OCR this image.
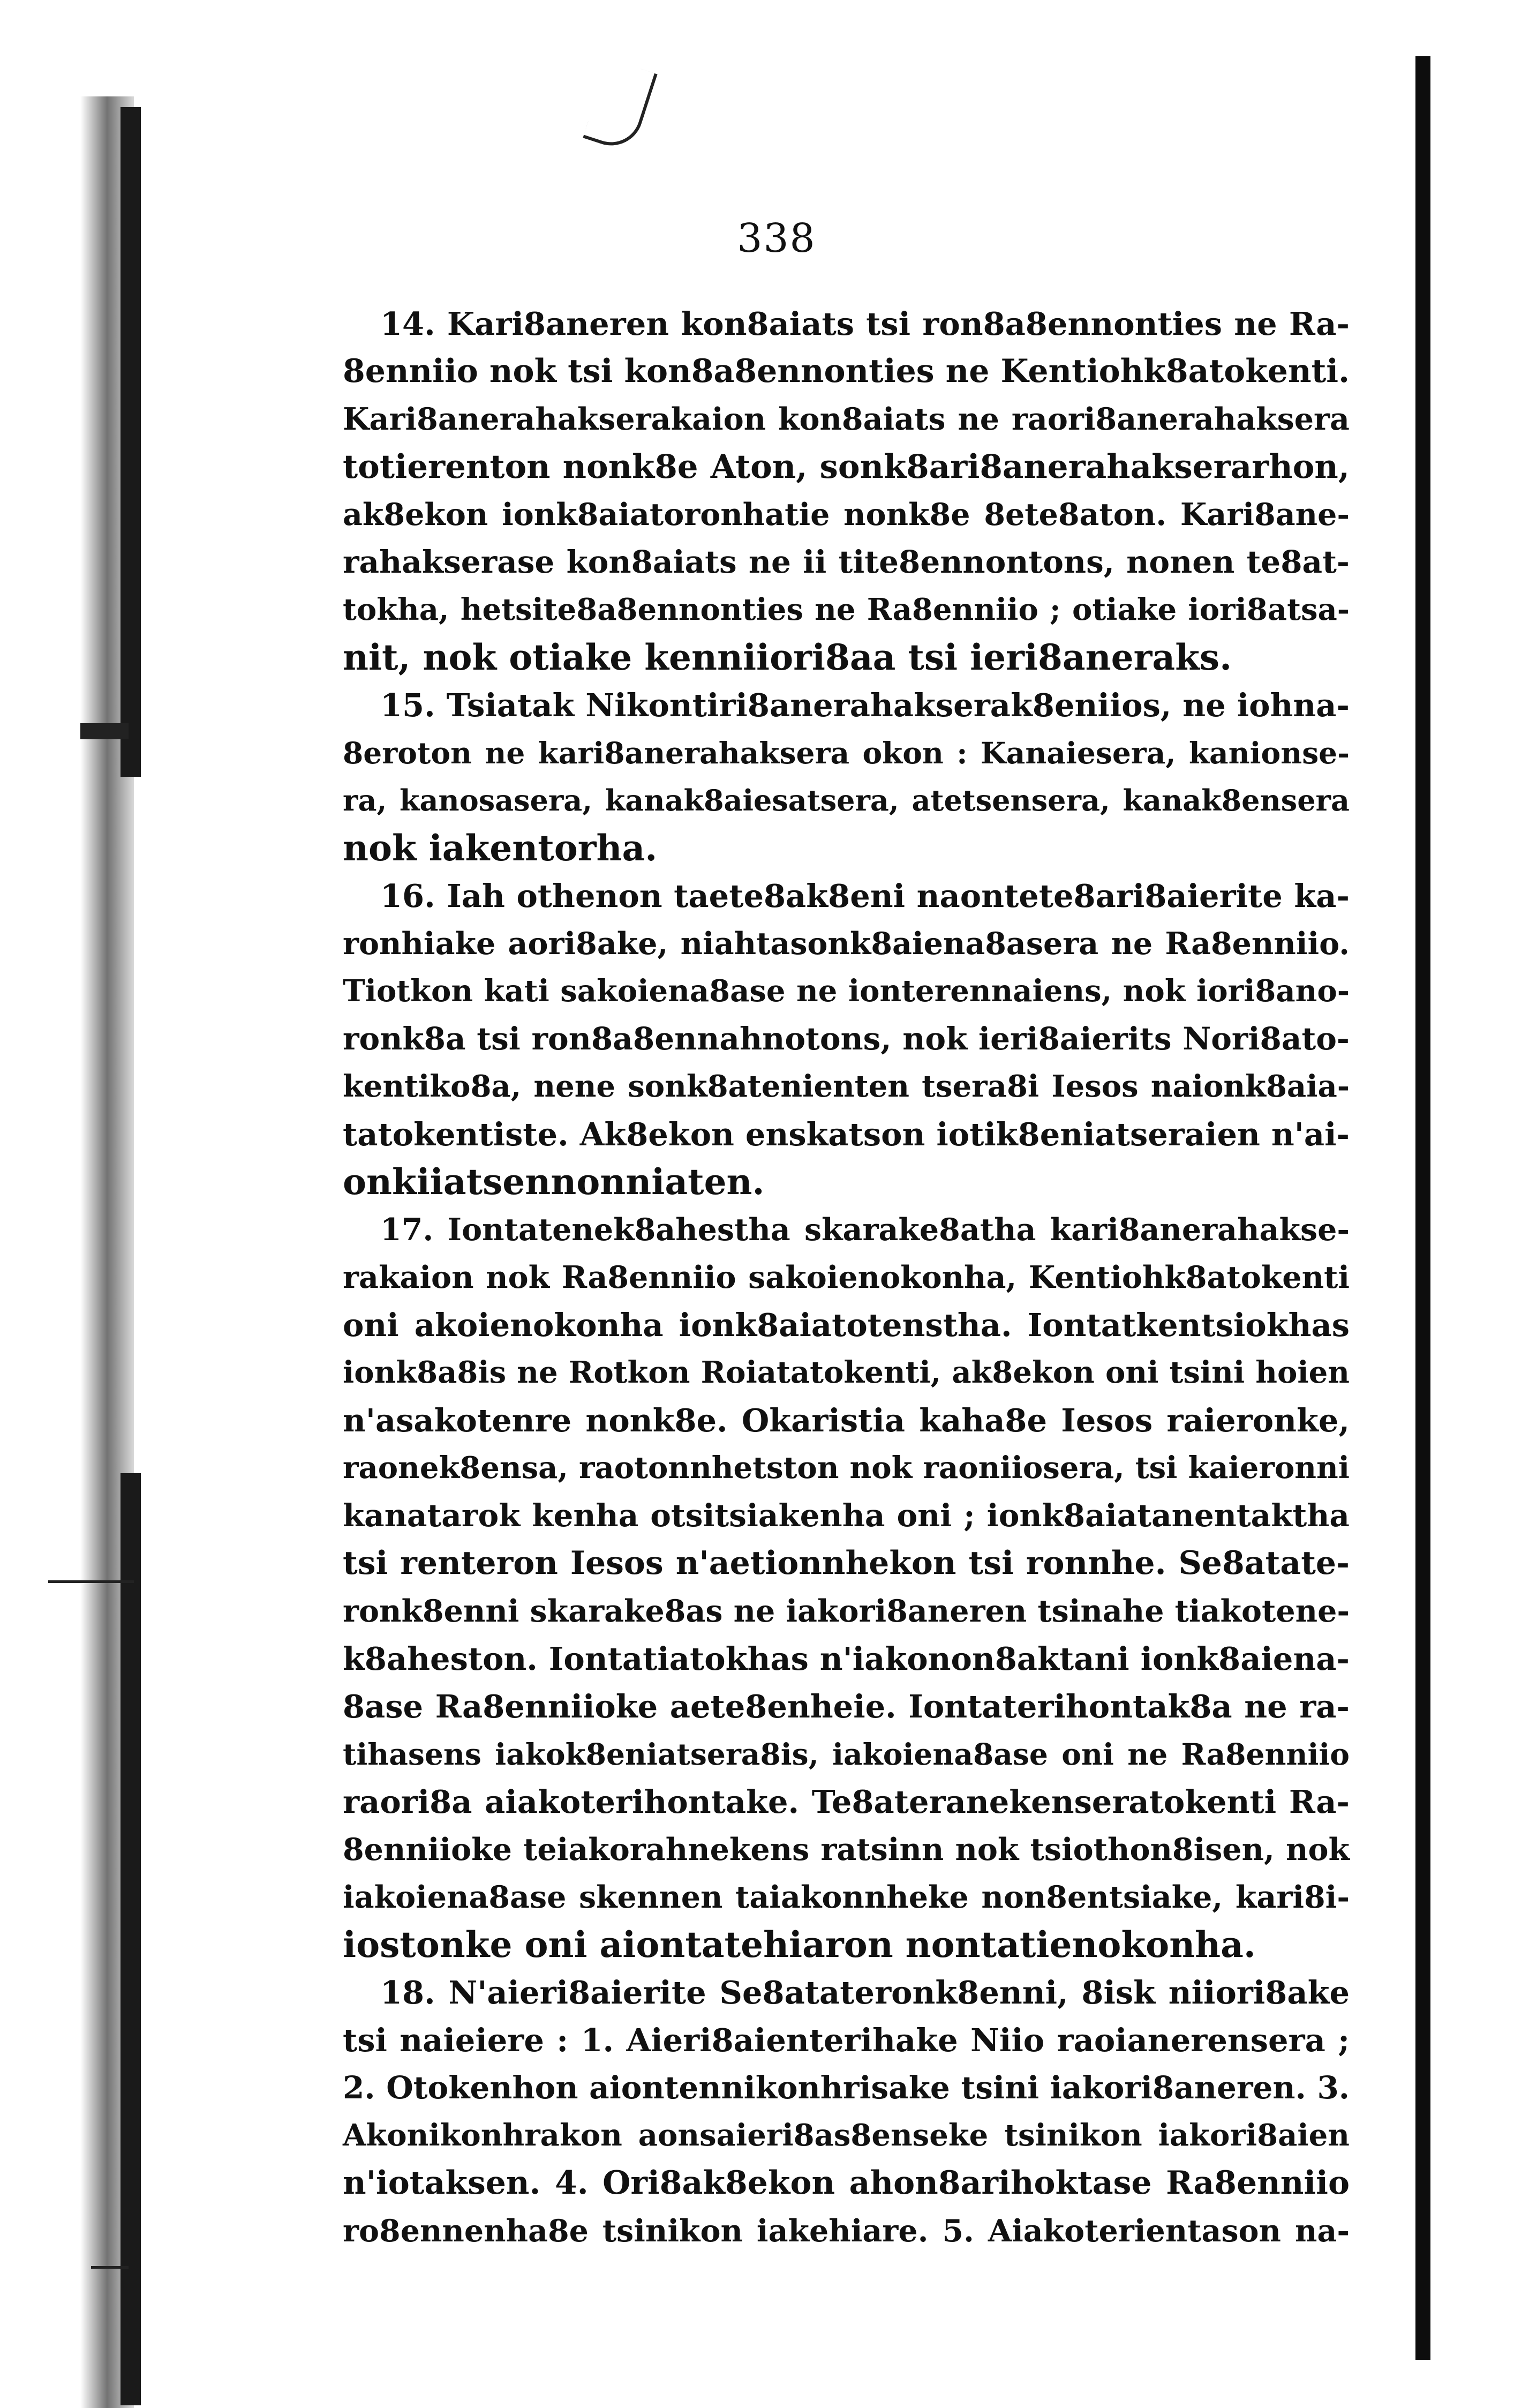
338
14. Kari8aneren kon8aiats tsi ron8a8ennonties ne Ra-
8enniio nok tsi kon8a8ennonties ne Kentiohk8atokenti.
Kari8anerahakserakaion kon8aiats ne raori8anerahaksera
totierenton nonk8e Aton, sonk8ari8anerahakserarhon,
ak8ekon ionk8aiatoronhatie nonk8e 8ete8aton. Kari8ane-
rahakserase kon8aiats ne ii tite8ennontons, nonen te8at-
tokha, hetsite8a8ennonties ne Ra8enniio ; otiake iori8atsa-
nit, nok otiake kenniiori8aa tsi ieri8aneraks.
15. Tsiatak Nikontiri8anerahakserak8eniios, ne iohna-
8eroton ne kari8anerahaksera okon : Kanaiesera, kanionse-
ra, kanosasera, kanak8aiesatsera, atetsensera, kanak8ensera
nok iakentorha.
16. Iah othenon taete8ak8eni naontete8ari8aierite ka-
ronhiake aori8ake, niahtasonk8aiena8asera ne Ra8enniio.
Tiotkon kati sakoiena8ase ne ionterennaiens, nok iori8ano-
ronk8a tsi ron8a8ennahnotons, nok ieri8aierits Nori8ato-
kentiko8a, nene sonk8atenienten tsera8i Iesos naionk8aia-
tatokentiste. Ak8ekon enskatson iotik8eniatseraien n'ai-
onkiiatsennonniaten.
17. Iontatenek8ahestha skarake8atha kari8anerahakse-
rakaion nok Ra8enniio sakoienokonha, Kentiohk8atokenti
oni akoienokonha ionk8aiatotenstha. Iontatkentsiokhas
ionk8a8is ne Rotkon Roiatatokenti, ak8ekon oni tsini hoien
n'asakotenre nonk8e. Okaristia kaha8e Iesos raieronke,
raonek8ensa, raotonnhetston nok raoniiosera, tsi kaieronni
kanatarok kenha otsitsiakenha oni ; ionk8aiatanentaktha
tsi renteron Iesos n'aetionnhekon tsi ronnhe. Se8atate-
ronk8enni skarake8as ne iakori8aneren tsinahe tiakotene-
k8aheston. Iontatiatokhas n'iakonon8aktani ionk8aiena-
8ase Ra8enniioke aete8enheie. Iontaterihontak8a ne ra-
tihasens iakok8eniatsera8is, iakoiena8ase oni ne Ra8enniio
raori8a aiakoterihontake. Te8ateranekenseratokenti Ra-
8enniioke teiakorahnekens ratsinn nok tsiothon8isen, nok
iakoiena8ase skennen taiakonnheke non8entsiake, kari8i-
iostonke oni aiontatehiaron nontatienokonha.
18. N'aieri8aierite Se8atateronk8enni, 8isk niiori8ake
tsi naieiere : 1. Aieri8aienterihake Niio raoianerensera ;
2. Otokenhon aiontennikonhrisake tsini iakori8aneren. 3.
Akonikonhrakon aonsaieri8as8enseke tsinikon iakori8aien
n'iotaksen. 4. Ori8ak8ekon ahon8arihoktase Ra8enniio
ro8ennenha8e tsinikon iakehiare. 5. Aiakoterientason na-
